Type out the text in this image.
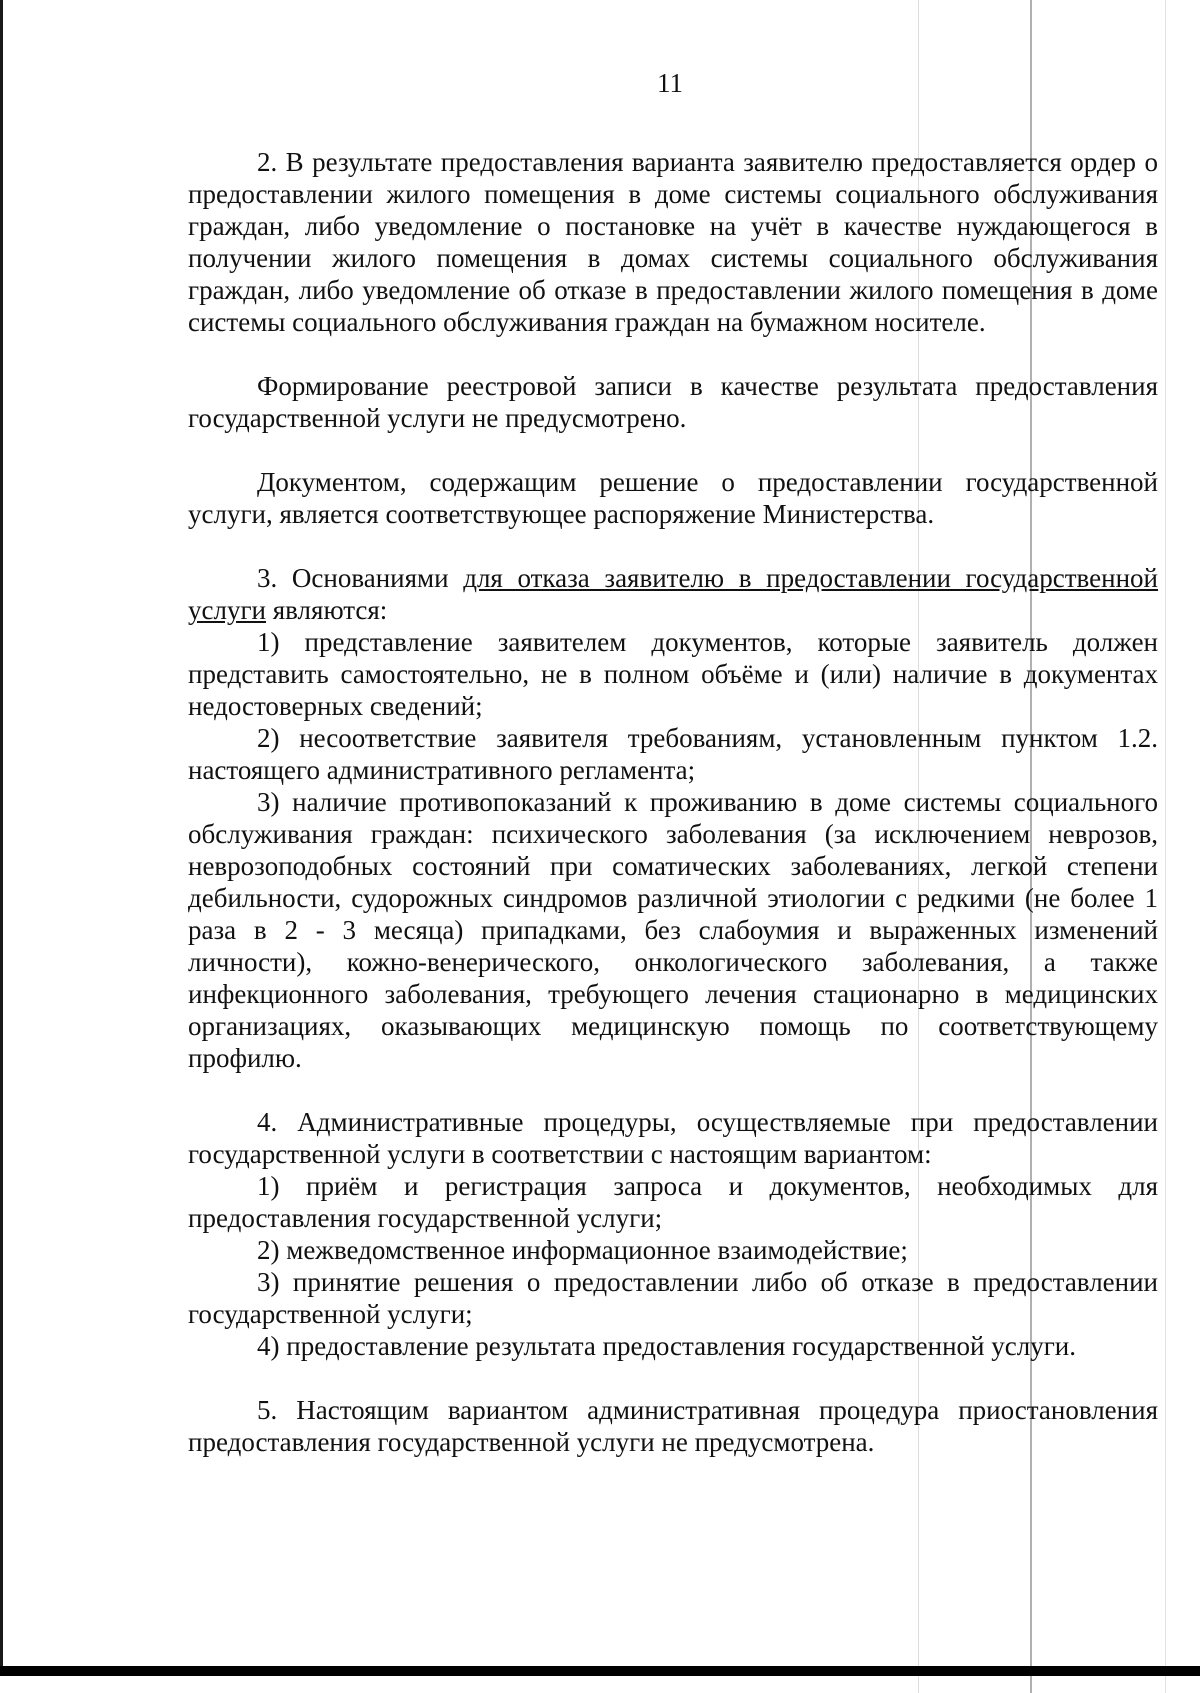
11

2. В результате предоставления варианта заявителю предоставляется ордер о предоставлении жилого помещения в доме системы социального обслуживания граждан, либо уведомление о постановке на учёт в качестве нуждающегося в получении жилого помещения в домах системы социального обслуживания граждан, либо уведомление об отказе в предоставлении жилого помещения в доме системы социального обслуживания граждан на бумажном носителе.

Формирование реестровой записи в качестве результата предоставления государственной услуги не предусмотрено.

Документом, содержащим решение о предоставлении государственной услуги, является соответствующее распоряжение Министерства.

3. Основаниями для отказа заявителю в предоставлении государственной услуги являются:

1) представление заявителем документов, которые заявитель должен представить самостоятельно, не в полном объёме и (или) наличие в документах недостоверных сведений;

2) несоответствие заявителя требованиям, установленным пунктом 1.2. настоящего административного регламента;

3) наличие противопоказаний к проживанию в доме системы социального обслуживания граждан: психического заболевания (за исключением неврозов, неврозоподобных состояний при соматических заболеваниях, легкой степени дебильности, судорожных синдромов различной этиологии с редкими (не более 1 раза в 2 - 3 месяца) припадками, без слабоумия и выраженных изменений личности), кожно-венерического, онкологического заболевания, а также инфекционного заболевания, требующего лечения стационарно в медицинских организациях, оказывающих медицинскую помощь по соответствующему профилю.

4. Административные процедуры, осуществляемые при предоставлении государственной услуги в соответствии с настоящим вариантом:

1) приём и регистрация запроса и документов, необходимых для предоставления государственной услуги;

2) межведомственное информационное взаимодействие;

3) принятие решения о предоставлении либо об отказе в предоставлении государственной услуги;

4) предоставление результата предоставления государственной услуги.

5. Настоящим вариантом административная процедура приостановления предоставления государственной услуги не предусмотрена.
